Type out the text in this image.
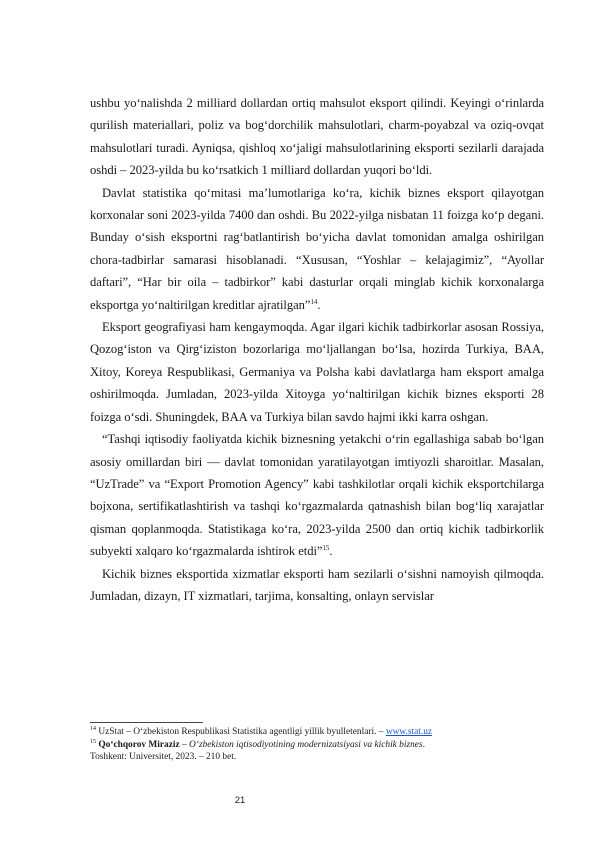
ushbu yo‘nalishda 2 milliard dollardan ortiq mahsulot eksport qilindi. Keyingi o‘rinlarda qurilish materiallari, poliz va bog‘dorchilik mahsulotlari, charm-poyabzal va oziq-ovqat mahsulotlari turadi. Ayniqsa, qishloq xo‘jaligi mahsulotlarining eksporti sezilarli darajada oshdi – 2023-yilda bu ko‘rsatkich 1 milliard dollardan yuqori bo‘ldi.

Davlat statistika qo‘mitasi ma’lumotlariga ko‘ra, kichik biznes eksport qilayotgan korxonalar soni 2023-yilda 7400 dan oshdi. Bu 2022-yilga nisbatan 11 foizga ko‘p degani. Bunday o‘sish eksportni rag‘batlantirish bo‘yicha davlat tomonidan amalga oshirilgan chora-tadbirlar samarasi hisoblanadi. “Xususan, “Yoshlar – kelajagimiz”, “Ayollar daftari”, “Har bir oila – tadbirkor” kabi dasturlar orqali minglab kichik korxonalarga eksportga yo‘naltirilgan kreditlar ajratilgan”$^{14}$.

Eksport geografiyasi ham kengaymoqda. Agar ilgari kichik tadbirkorlar asosan Rossiya, Qozog‘iston va Qirg‘iziston bozorlariga mo‘ljallangan bo‘lsa, hozirda Turkiya, BAA, Xitoy, Koreya Respublikasi, Germaniya va Polsha kabi davlatlarga ham eksport amalga oshirilmoqda. Jumladan, 2023-yilda Xitoyga yo‘naltirilgan kichik biznes eksporti 28 foizga o‘sdi. Shuningdek, BAA va Turkiya bilan savdo hajmi ikki karra oshgan.

“Tashqi iqtisodiy faoliyatda kichik biznesning yetakchi o‘rin egallashiga sabab bo‘lgan asosiy omillardan biri — davlat tomonidan yaratilayotgan imtiyozli sharoitlar. Masalan, “UzTrade” va “Export Promotion Agency” kabi tashkilotlar orqali kichik eksportchilarga bojxona, sertifikatlashtirish va tashqi ko‘rgazmalarda qatnashish bilan bog‘liq xarajatlar qisman qoplanmoqda. Statistikaga ko‘ra, 2023-yilda 2500 dan ortiq kichik tadbirkorlik subyekti xalqaro ko‘rgazmalarda ishtirok etdi”$^{15}$.

Kichik biznes eksportida xizmatlar eksporti ham sezilarli o‘sishni namoyish qilmoqda. Jumladan, dizayn, IT xizmatlari, tarjima, konsalting, onlayn servislar

$^{14}$ UzStat – O‘zbekiston Respublikasi Statistika agentligi yillik byulletenlari. – www.stat.uz

$^{15}$ Qo‘chqorov Miraziz – O‘zbekiston iqtisodiyotining modernizatsiyasi va kichik biznes.

Toshkent: Universitet, 2023. – 210 bet.

21
